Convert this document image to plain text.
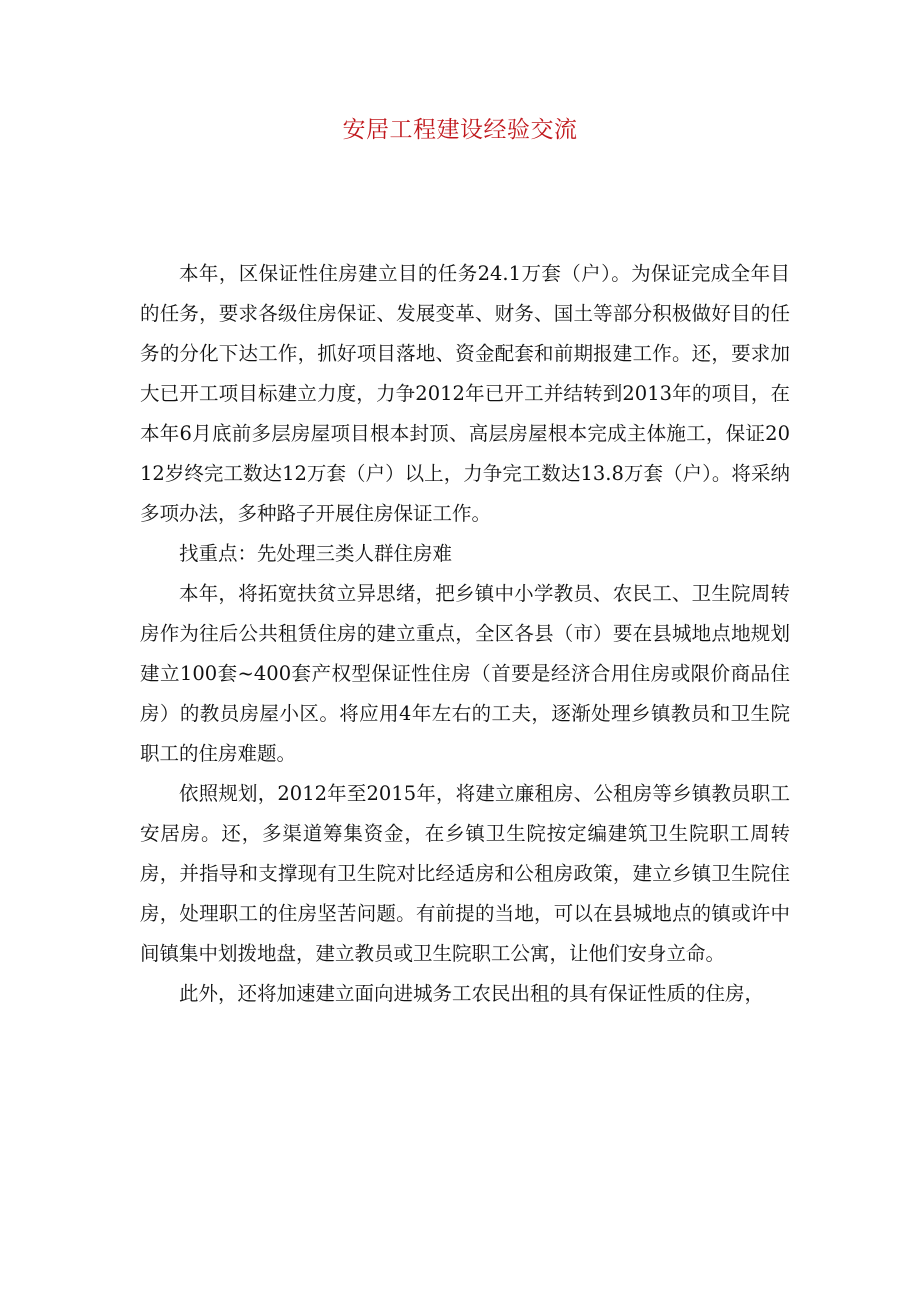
安居工程建设经验交流

本年，区保证性住房建立目的任务24.1万套（户）。为保证完成全年目的任务，要求各级住房保证、发展变革、财务、国土等部分积极做好目的任务的分化下达工作，抓好项目落地、资金配套和前期报建工作。还，要求加大已开工项目标建立力度，力争2012年已开工并结转到2013年的项目，在本年6月底前多层房屋项目根本封顶、高层房屋根本完成主体施工，保证2012岁终完工数达12万套（户）以上，力争完工数达13.8万套（户）。将采纳多项办法，多种路子开展住房保证工作。

找重点：先处理三类人群住房难

本年，将拓宽扶贫立异思绪，把乡镇中小学教员、农民工、卫生院周转房作为往后公共租赁住房的建立重点，全区各县（市）要在县城地点地规划建立100套~400套产权型保证性住房（首要是经济合用住房或限价商品住房）的教员房屋小区。将应用4年左右的工夫，逐渐处理乡镇教员和卫生院职工的住房难题。

依照规划，2012年至2015年，将建立廉租房、公租房等乡镇教员职工安居房。还，多渠道筹集资金，在乡镇卫生院按定编建筑卫生院职工周转房，并指导和支撑现有卫生院对比经适房和公租房政策，建立乡镇卫生院住房，处理职工的住房坚苦问题。有前提的当地，可以在县城地点的镇或许中间镇集中划拨地盘，建立教员或卫生院职工公寓，让他们安身立命。

此外，还将加速建立面向进城务工农民出租的具有保证性质的住房，
